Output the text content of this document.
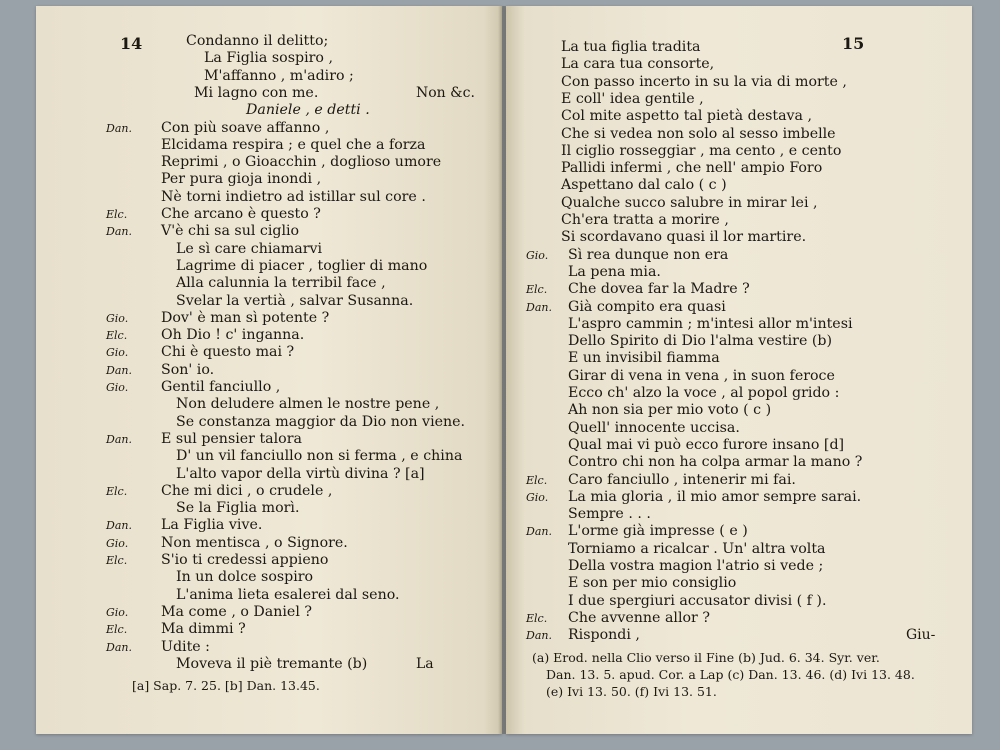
14	Condanno il delitto;
La Figlia sospiro ,
M'affanno , m'adiro ;
Mi lagno con me.	Non &c.
Daniele , e detti .
Dan. Con più soave affanno ,
Elcidama respira ; e quel che a forza
Reprimi , o Gioacchin , doglioso umore
Per pura gioja inondi ,
Nè torni indietro ad istillar sul core .
Elc. Che arcano è questo ?
Dan. V'è chi sa sul ciglio
Le sì care chiamarvi
Lagrime di piacer , toglier di mano
Alla calunnia la terribil face ,
Svelar la vertià , salvar Susanna.
Gio. Dov' è man sì potente ?
Elc. Oh Dio ! c' inganna.
Gio. Chi è questo mai ?
Dan. Son' io.
Gio. Gentil fanciullo ,
Non deludere almen le nostre pene ,
Se constanza maggior da Dio non viene.
Dan. E sul pensier talora
D' un vil fanciullo non si ferma , e china
L'alto vapor della virtù divina ? [a]
Elc. Che mi dici , o crudele ,
Se la Figlia morì.
Dan. La Figlia vive.
Gio. Non mentisca , o Signore.
Elc. S'io ti credessi appieno
In un dolce sospiro
L'anima lieta esalerei dal seno.
Gio. Ma come , o Daniel ?
Elc. Ma dimmi ?
Dan. Udite :
Moveva il piè tremante (b)	La
[a] Sap. 7. 25. [b] Dan. 13.45.
15
La tua figlia tradita
La cara tua consorte,
Con passo incerto in su la via di morte ,
E coll' idea gentile ,
Col mite aspetto tal pietà destava ,
Che si vedea non solo al sesso imbelle
Il ciglio rosseggiar , ma cento , e cento
Pallidi infermi , che nell' ampio Foro
Aspettano dal calo ( c )
Qualche succo salubre in mirar lei ,
Ch'era tratta a morire ,
Si scordavano quasi il lor martire.
Gio. Sì rea dunque non era
La pena mia.
Elc. Che dovea far la Madre ?
Dan. Già compito era quasi
L'aspro cammin ; m'intesi allor m'intesi
Dello Spirito di Dio l'alma vestire (b)
E un invisibil fiamma
Girar di vena in vena , in suon feroce
Ecco ch' alzo la voce , al popol grido :
Ah non sia per mio voto ( c )
Quell' innocente uccisa.
Qual mai vi può ecco furore insano [d]
Contro chi non ha colpa armar la mano ?
Elc. Caro fanciullo , intenerir mi fai.
Gio. La mia gloria , il mio amor sempre sarai.
Sempre . . .
Dan. L'orme già impresse ( e )
Torniamo a ricalcar . Un' altra volta
Della vostra magion l'atrio si vede ;
E son per mio consiglio
I due spergiuri accusator divisi ( f ).
Elc. Che avvenne allor ?
Dan. Rispondi ,	Giu-
(a) Erod. nella Clio verso il Fine (b) Jud. 6. 34. Syr. ver.
Dan. 13. 5. apud. Cor. a Lap (c) Dan. 13. 46. (d) Ivi 13. 48.
(e) Ivi 13. 50. (f) Ivi 13. 51.
